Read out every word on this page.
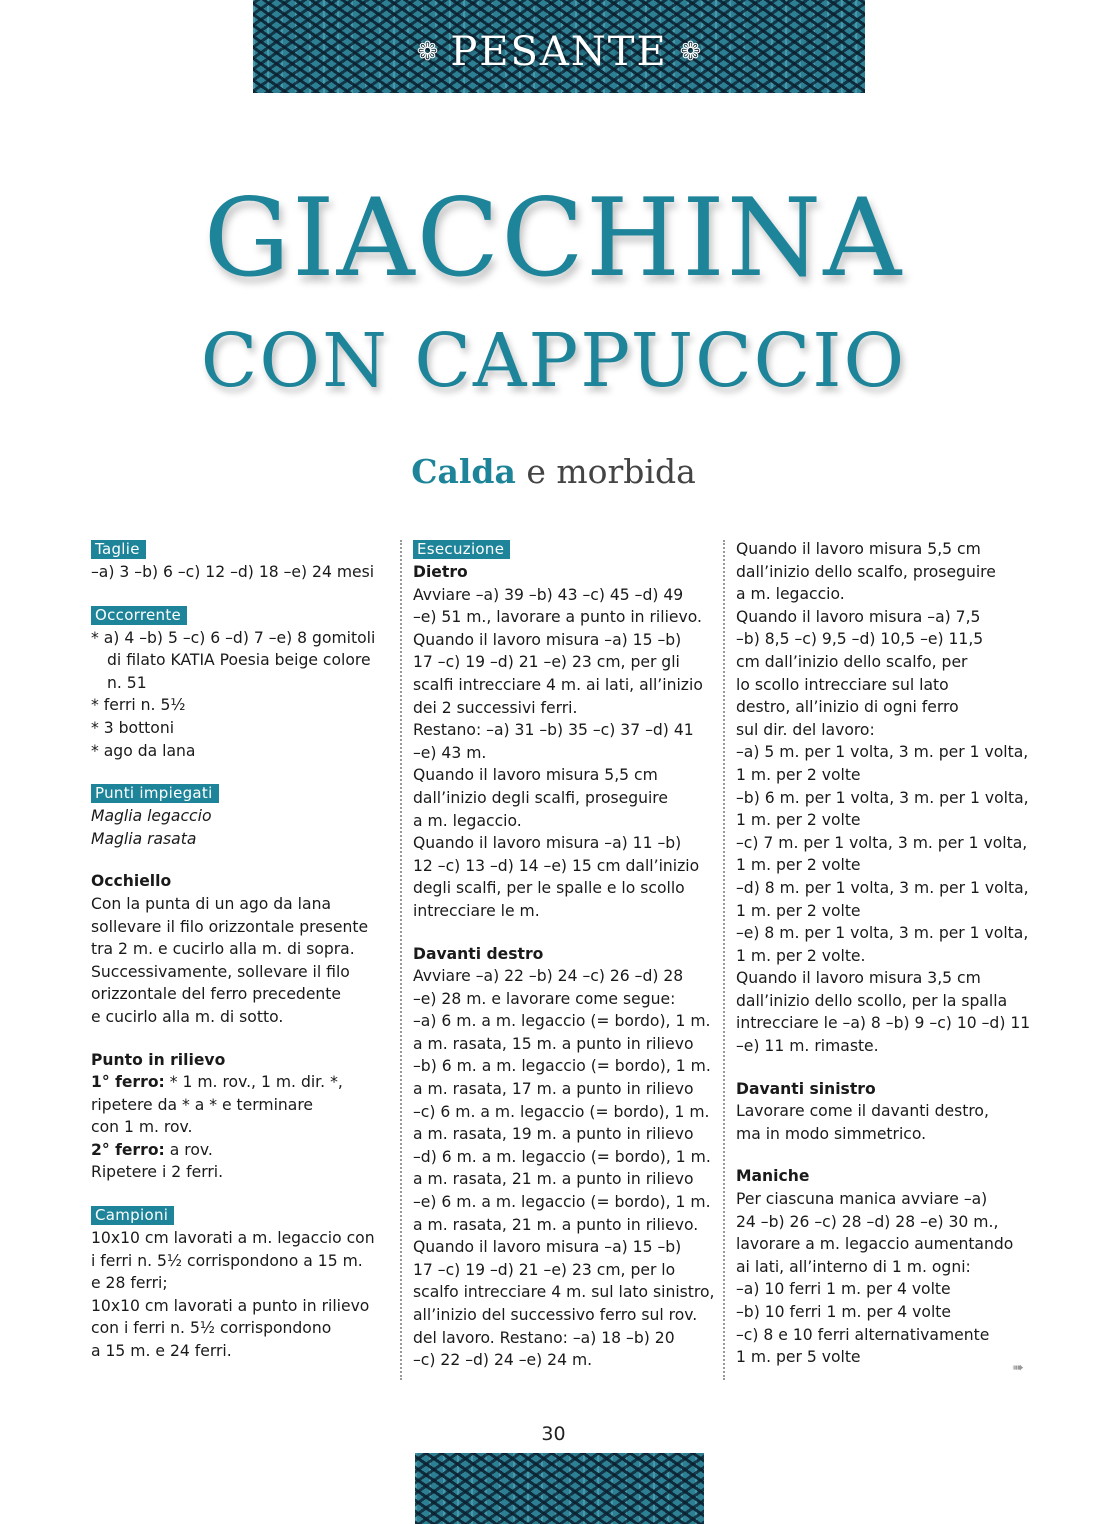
❁ PESANTE ❁
GIACCHINA
CON CAPPUCCIO
Calda e morbida
Taglie
–a) 3 –b) 6 –c) 12 –d) 18 –e) 24 mesi
Occorrente
* a) 4 –b) 5 –c) 6 –d) 7 –e) 8 gomitoli
di filato KATIA Poesia beige colore
n. 51
* ferri n. 5½
* 3 bottoni
* ago da lana
Punti impiegati
Maglia legaccio
Maglia rasata
Occhiello
Con la punta di un ago da lana
sollevare il filo orizzontale presente
tra 2 m. e cucirlo alla m. di sopra.
Successivamente, sollevare il filo
orizzontale del ferro precedente
e cucirlo alla m. di sotto.
Punto in rilievo
1° ferro: * 1 m. rov., 1 m. dir. *,
ripetere da * a * e terminare
con 1 m. rov.
2° ferro: a rov.
Ripetere i 2 ferri.
Campioni
10x10 cm lavorati a m. legaccio con
i ferri n. 5½ corrispondono a 15 m.
e 28 ferri;
10x10 cm lavorati a punto in rilievo
con i ferri n. 5½ corrispondono
a 15 m. e 24 ferri.
Esecuzione
Dietro
Avviare –a) 39 –b) 43 –c) 45 –d) 49
–e) 51 m., lavorare a punto in rilievo.
Quando il lavoro misura –a) 15 –b)
17 –c) 19 –d) 21 –e) 23 cm, per gli
scalfi intrecciare 4 m. ai lati, all’inizio
dei 2 successivi ferri.
Restano: –a) 31 –b) 35 –c) 37 –d) 41
–e) 43 m.
Quando il lavoro misura 5,5 cm
dall’inizio degli scalfi, proseguire
a m. legaccio.
Quando il lavoro misura –a) 11 –b)
12 –c) 13 –d) 14 –e) 15 cm dall’inizio
degli scalfi, per le spalle e lo scollo
intrecciare le m.
Davanti destro
Avviare –a) 22 –b) 24 –c) 26 –d) 28
–e) 28 m. e lavorare come segue:
–a) 6 m. a m. legaccio (= bordo), 1 m.
a m. rasata, 15 m. a punto in rilievo
–b) 6 m. a m. legaccio (= bordo), 1 m.
a m. rasata, 17 m. a punto in rilievo
–c) 6 m. a m. legaccio (= bordo), 1 m.
a m. rasata, 19 m. a punto in rilievo
–d) 6 m. a m. legaccio (= bordo), 1 m.
a m. rasata, 21 m. a punto in rilievo
–e) 6 m. a m. legaccio (= bordo), 1 m.
a m. rasata, 21 m. a punto in rilievo.
Quando il lavoro misura –a) 15 –b)
17 –c) 19 –d) 21 –e) 23 cm, per lo
scalfo intrecciare 4 m. sul lato sinistro,
all’inizio del successivo ferro sul rov.
del lavoro. Restano: –a) 18 –b) 20
–c) 22 –d) 24 –e) 24 m.
Quando il lavoro misura 5,5 cm
dall’inizio dello scalfo, proseguire
a m. legaccio.
Quando il lavoro misura –a) 7,5
–b) 8,5 –c) 9,5 –d) 10,5 –e) 11,5
cm dall’inizio dello scalfo, per
lo scollo intrecciare sul lato
destro, all’inizio di ogni ferro
sul dir. del lavoro:
–a) 5 m. per 1 volta, 3 m. per 1 volta,
1 m. per 2 volte
–b) 6 m. per 1 volta, 3 m. per 1 volta,
1 m. per 2 volte
–c) 7 m. per 1 volta, 3 m. per 1 volta,
1 m. per 2 volte
–d) 8 m. per 1 volta, 3 m. per 1 volta,
1 m. per 2 volte
–e) 8 m. per 1 volta, 3 m. per 1 volta,
1 m. per 2 volte.
Quando il lavoro misura 3,5 cm
dall’inizio dello scollo, per la spalla
intrecciare le –a) 8 –b) 9 –c) 10 –d) 11
–e) 11 m. rimaste.
Davanti sinistro
Lavorare come il davanti destro,
ma in modo simmetrico.
Maniche
Per ciascuna manica avviare –a)
24 –b) 26 –c) 28 –d) 28 –e) 30 m.,
lavorare a m. legaccio aumentando
ai lati, all’interno di 1 m. ogni:
–a) 10 ferri 1 m. per 4 volte
–b) 10 ferri 1 m. per 4 volte
–c) 8 e 10 ferri alternativamente
1 m. per 5 volte
➠
30
